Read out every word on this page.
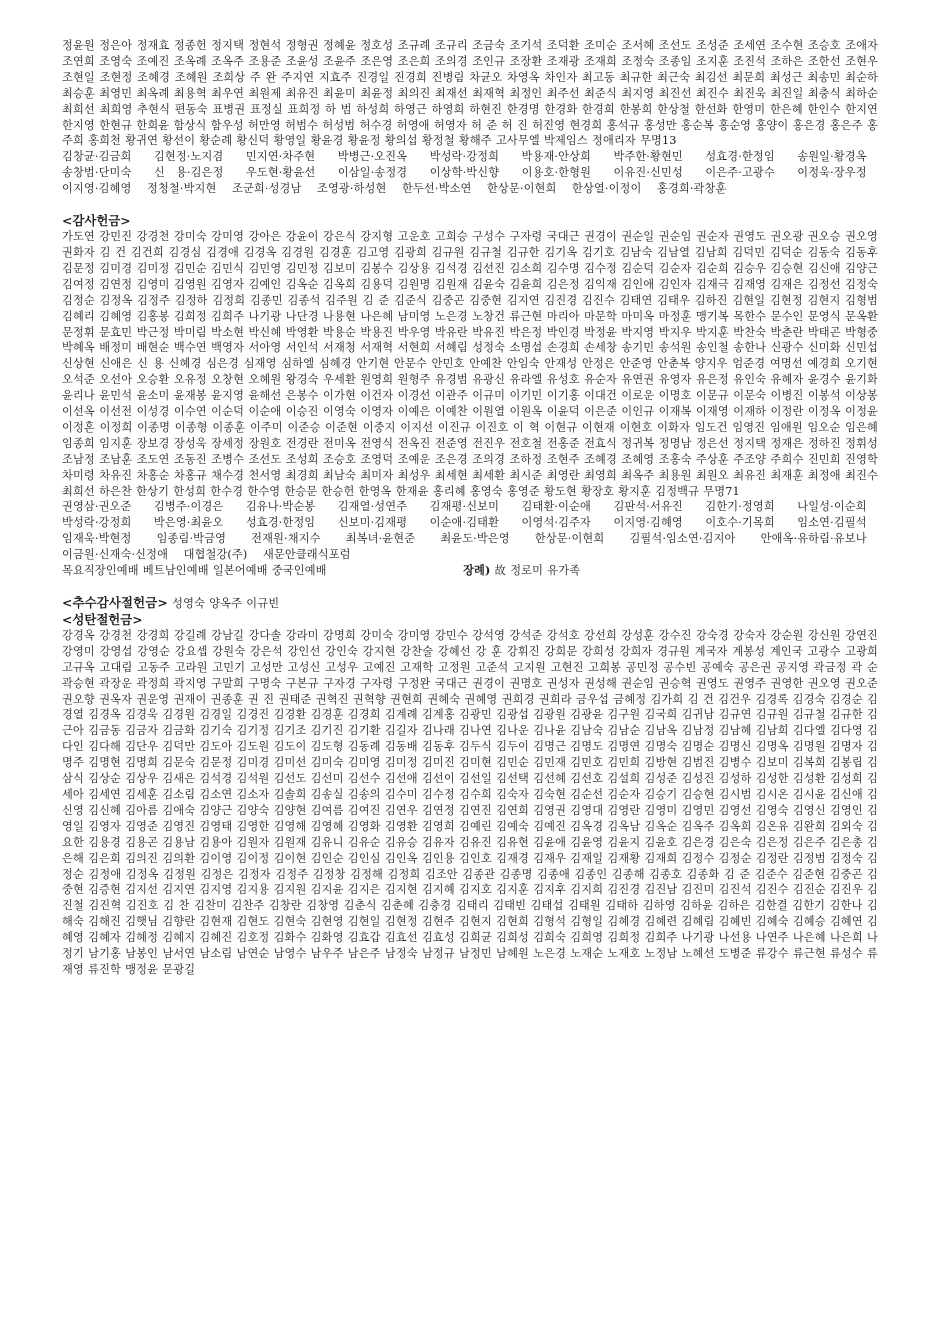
정윤원 정은아 정재효 정종헌 정지택 정현석 정형권 정혜윤 정호성 조규례 조규리 조금숙 조기석 조덕환 조미순 조서혜 조선도 조성준 조세연 조수현 조승호 조애자 조연희 조영숙 조예진 조옥례 조옥주 조용준 조윤성 조윤주 조은영 조은희 조의경 조인규 조장환 조재광 조재희 조정숙 조종임 조지훈 조진석 조하은 조한선 조현우 조현일 조현정 조혜경 조혜원 조희상 주 완 주지연 지효주 진경일 진경희 진병림 차균오 차영옥 차인자 최고동 최규한 최근숙 최김선 최문희 최성근 최송민 최순하 최승훈 최영민 최옥례 최용혁 최우연 최원제 최유진 최윤미 최윤정 최의진 최재선 최재혁 최정인 최주선 최준식 최지영 최진선 최진수 최진욱 최진일 최충식 최하순 최희선 최희영 추현식 편동숙 표병권 표정실 표희정 하 범 하성희 하영근 하영희 하현진 한경명 한경화 한경희 한봉희 한상철 한선화 한영미 한은혜 한인수 한지연 한지영 한현규 한희윤 함상식 함우성 허만영 허범수 허성범 허수경 허영애 허영자 허 준 허 진 허진영 현경희 홍석규 홍성만 홍순복 홍순영 홍양이 홍은경 홍은주 홍주희 홍희천 황귀연 황선이 황순례 황신덕 황영일 황윤경 황윤정 황의섭 황정철 황해주 고사무엘 박제임스 정애리자 무명13
김창균·김금희  김현정·노지겸  민지연·차주현  박병근·오진옥  박성락·강정희  박용재·안상희  박주한·황현민  성효경·한정임  송원일·황경옥  송창범·단미숙  신 용·김은정  우도현·황윤선  이삼일·송정경  이상학·박신향  이용호·한형원  이유진·신민성  이은주·고광수  이정욱·장우정  이지영·김혜영  정청철·박지현  조군희·성경남  조영광·하성현  한두선·박소연  한상문·이현희  한상열·이정이  홍경희·곽창훈 
<감사헌금>
가도연 강민진 강경천 강미숙 강미영 강아은 강윤이 강은식 강지형 고운호 고희승 구성수 구자령 국대근 권경이 권순일 권순임 권순자 권영도 권오광 권오승 권오영 권화자 김 건 김건희 김경심 김경애 김경옥 김경원 김경훈 김고영 김광희 김규원 김규철 김규한 김기옥 김기호 김남숙 김남열 김남희 김덕민 김덕순 김동숙 김동후 김문정 김미경 김미정 김민순 김민식 김민영 김민정 김보미 김봉수 김상용 김석경 김선진 김소희 김수명 김수정 김순덕 김순자 김순희 김승우 김승현 김신애 김양근 김여정 김연정 김영미 김영원 김영자 김예인 김옥순 김옥희 김용덕 김원명 김원재 김윤숙 김윤희 김은정 김익재 김인애 김인자 김재극 김재영 김재은 김정선 김정숙 김정순 김정옥 김정주 김정하 김정희 김종민 김종석 김주원 김 준 김준식 김중곤 김중현 김지연 김진경 김진수 김태연 김태우 김하진 김현일 김현정 김현지 김형범 김혜리 김혜영 김홍봉 김희정 김희주 나기광 나단경 나용현 나은혜 남미영 노은경 노창건 류근현 마리아 마문학 마미옥 마정훈 맹기복 목한수 문수인 문영식 문옥환 문정휘 문효민 박근정 박미림 박소현 박신혜 박영환 박용순 박용진 박우영 박유란 박유진 박은정 박인경 박정윤 박지영 박지우 박지훈 박찬숙 박춘란 박태곤 박형중 박혜옥 배정미 배현순 백수연 백영자 서아영 서인석 서재청 서재혁 서현희 서혜림 성정숙 소명섭 손경희 손세창 송기민 송석원 송인철 송한나 신광수 신미화 신민섭 신상현 신애은 신 용 신혜경 심은경 심재영 심하엘 심혜경 안기현 안문수 안민호 안예찬 안임숙 안재성 안정은 안준영 안춘복 양지우 엄준경 여명선 예경희 오기현 오석준 오선아 오승환 오유정 오창현 오혜원 왕경숙 우세환 원영희 원형주 유경범 유광신 유라엘 유성호 유순자 유연권 유영자 유은정 유인숙 유혜자 윤경수 윤기화 윤리나 윤민석 윤소미 윤재봉 윤지영 윤해선 은봉수 이가현 이건자 이경선 이관주 이규미 이기민 이기홍 이대건 이로운 이명호 이문규 이문숙 이병진 이봉석 이상봉 이선옥 이선전 이성경 이수연 이순덕 이순애 이승진 이영숙 이영자 이예은 이예찬 이원열 이원옥 이윤덕 이은준 이인규 이재복 이재영 이재하 이정란 이정옥 이정윤 이정혼 이정희 이종명 이종형 이종훈 이주미 이준승 이준현 이중지 이지선 이진규 이진호 이 혁 이현규 이현재 이현호 이화자 임도건 임영진 임애원 임오순 임은혜 임종희 임지훈 장보경 장성욱 장세정 장원호 전경란 전미옥 전영식 전옥진 전준영 전진우 전호철 전홍준 전효식 정귀복 정명남 정은선 정지택 정재은 정하진 정휘성 조남정 조남훈 조도연 조동진 조병수 조선도 조성희 조승호 조영덕 조예운 조은경 조의경 조하정 조현주 조혜경 조혜영 조홍숙 주상훈 주조양 주희수 진민희 진영학 차미령 차유진 차홍순 차홍규 채수경 천서영 최경희 최남숙 최미자 최성우 최세현 최세환 최시준 최영란 최영희 최옥주 최용원 최원오 최유진 최재훈 최정애 최진수 최희선 하은찬 한상기 한성희 한수경 한수영 한승문 한승헌 한영옥 한재윤 홍리혜 홍영숙 홍영준 황도현 황장호 황지훈 김정백규 무명71
권영삼·권오준  김병주·이경은  김유나·박순봉  김재열·성연주  김재평·신보미  김태환·이순애  김판석·서유진  김한기·정영희  나일성·이순희  박성락·강정희  박은영·최윤오  성효경·한정임  신보미·김재평  이순애·김태환  이영석·김주자  이지영·김혜영  이호수·기목희  임소연·김필석  임재욱·박현정  임종림·박금영  전재원·채지수  최복녀·윤현준  최윤도·박은영  한상문·이현희  김필석·임소연·김지아  안애옥·유하림·유보나  이금원·신재숙·신정애  대협철강(주)  새문안클래식포럼 
목요직장인예배 베트남인예배 일본어예배 중국인예배	장례) 故 정로미 유가족
<추수감사절헌금> 성영숙 양옥주 이규빈
<성탄절헌금>
강경옥 강경천 강경희 강길례 강남길 강다솔 강라미 강명희 강미숙 강미영 강민수 강석영 강석준 강석호 강선희 강성훈 강수진 강숙경 강숙자 강순원 강신원 강연진 강영미 강영섭 강영순 강요셉 강원숙 강은석 강인선 강인숙 강지현 강찬술 강혜선 강 훈 강휘진 강희문 강희성 강희자 경규원 계국자 계봉성 계인국 고광수 고광희 고규옥 고대림 고동주 고라원 고민기 고성만 고성신 고성우 고예진 고재학 고정원 고준석 고지원 고현진 고희봉 공민정 공수빈 공예숙 공은권 공지영 곽금정 곽 순 곽승현 곽장운 곽정희 곽지영 구말희 구명숙 구본규 구자경 구자령 구정완 국대근 권경이 권명호 권성자 권성해 권순임 권승혁 권영도 권영주 권영한 권오영 권오준 권오향 권옥자 권운영 권재이 권종훈 권 진 권태준 권혁진 권혁향 권현희 권혜숙 권혜영 권희경 권희라 금우섭 금혜정 김가희 김 건 김건우 김경록 김경숙 김경순 김경열 김경옥 김경욱 김경원 김경일 김경진 김경환 김경훈 김경희 김계례 김계홍 김광민 김광섭 김광원 김광윤 김구원 김국희 김귀남 김규연 김규원 김규철 김규한 김근아 김금동 김금자 김금화 김기숙 김기정 김기조 김기진 김기환 김길자 김나래 김나연 김나운 김나윤 김남숙 김남순 김남옥 김남정 김남혜 김남희 김다엘 김다영 김다인 김다해 김단우 김덕만 김도아 김도원 김도이 김도형 김동례 김동배 김동후 김두식 김두이 김명근 김명도 김명연 김명숙 김명순 김명신 김명옥 김명원 김명자 김명주 김명현 김명희 김문숙 김문정 김미경 김미선 김미숙 김미영 김미정 김미진 김미현 김민순 김민재 김민호 김민희 김방현 김범진 김병수 김보미 김복희 김봉립 김삼식 김상순 김상우 김새은 김석경 김석원 김선도 김선미 김선수 김선애 김선이 김선일 김선택 김선혜 김선호 김설희 김성준 김성진 김성하 김성한 김성환 김성희 김세아 김세연 김세훈 김소림 김소연 김소자 김솔희 김송실 김송의 김수미 김수정 김수희 김숙자 김숙현 김순선 김순자 김승기 김승현 김시범 김시온 김시윤 김신애 김신영 김신혜 김아름 김애숙 김양근 김양숙 김양현 김여름 김여진 김연우 김연정 김연진 김연희 김영권 김영대 김영란 김영미 김영민 김영선 김영숙 김영신 김영인 김영일 김영자 김영준 김영진 김영태 김영한 김영해 김영혜 김영화 김영환 김영희 김예린 김예숙 김예진 김옥경 김옥남 김옥순 김옥주 김옥희 김온유 김완희 김외숙 김요한 김용경 김용곤 김용남 김용아 김원자 김원재 김유니 김유순 김유승 김유자 김유진 김유현 김윤애 김윤영 김윤지 김윤호 김은경 김은숙 김은정 김은주 김은총 김은해 김은희 김의진 김의환 김이영 김이정 김이현 김인순 김인심 김인옥 김인용 김인호 김재경 김재우 김재일 김재황 김재희 김정수 김정순 김정란 김정범 김정숙 김정순 김정애 김정옥 김정원 김정은 김정자 김정주 김정창 김정해 김정희 김조안 김종관 김종명 김종애 김종인 김종해 김종호 김종화 김 준 김준수 김준현 김중곤 김중현 김증현 김지선 김지연 김지영 김지용 김지원 김지윤 김지은 김지현 김지혜 김지호 김지훈 김지후 김지희 김진경 김진남 김진미 김진석 김진수 김진순 김진우 김진철 김진혁 김진호 김 찬 김찬미 김찬주 김창란 김창영 김춘식 김춘혜 김충경 김태리 김태빈 김태섭 김태원 김태하 김하영 김하윤 김하은 김한결 김한기 김한나 김해숙 김해진 김햇님 김향란 김현재 김현도 김현숙 김현영 김현일 김현정 김현주 김현지 김현희 김형석 김형일 김혜경 김혜련 김혜림 김혜빈 김혜숙 김혜승 김혜연 김혜영 김혜자 김혜정 김혜지 김혜진 김호정 김화수 김화영 김효갑 김효선 김효성 김희균 김희성 김희숙 김희영 김희정 김희주 나기광 나선용 나연주 나은혜 나은희 나정기 남기홍 남봉인 남서연 남소림 남연순 남영수 남우주 남은주 남정숙 남정규 남정민 남혜원 노은경 노재순 노재호 노정남 노혜선 도병준 류강수 류근현 류성수 류재영 류진학 맹정윤 문광길
